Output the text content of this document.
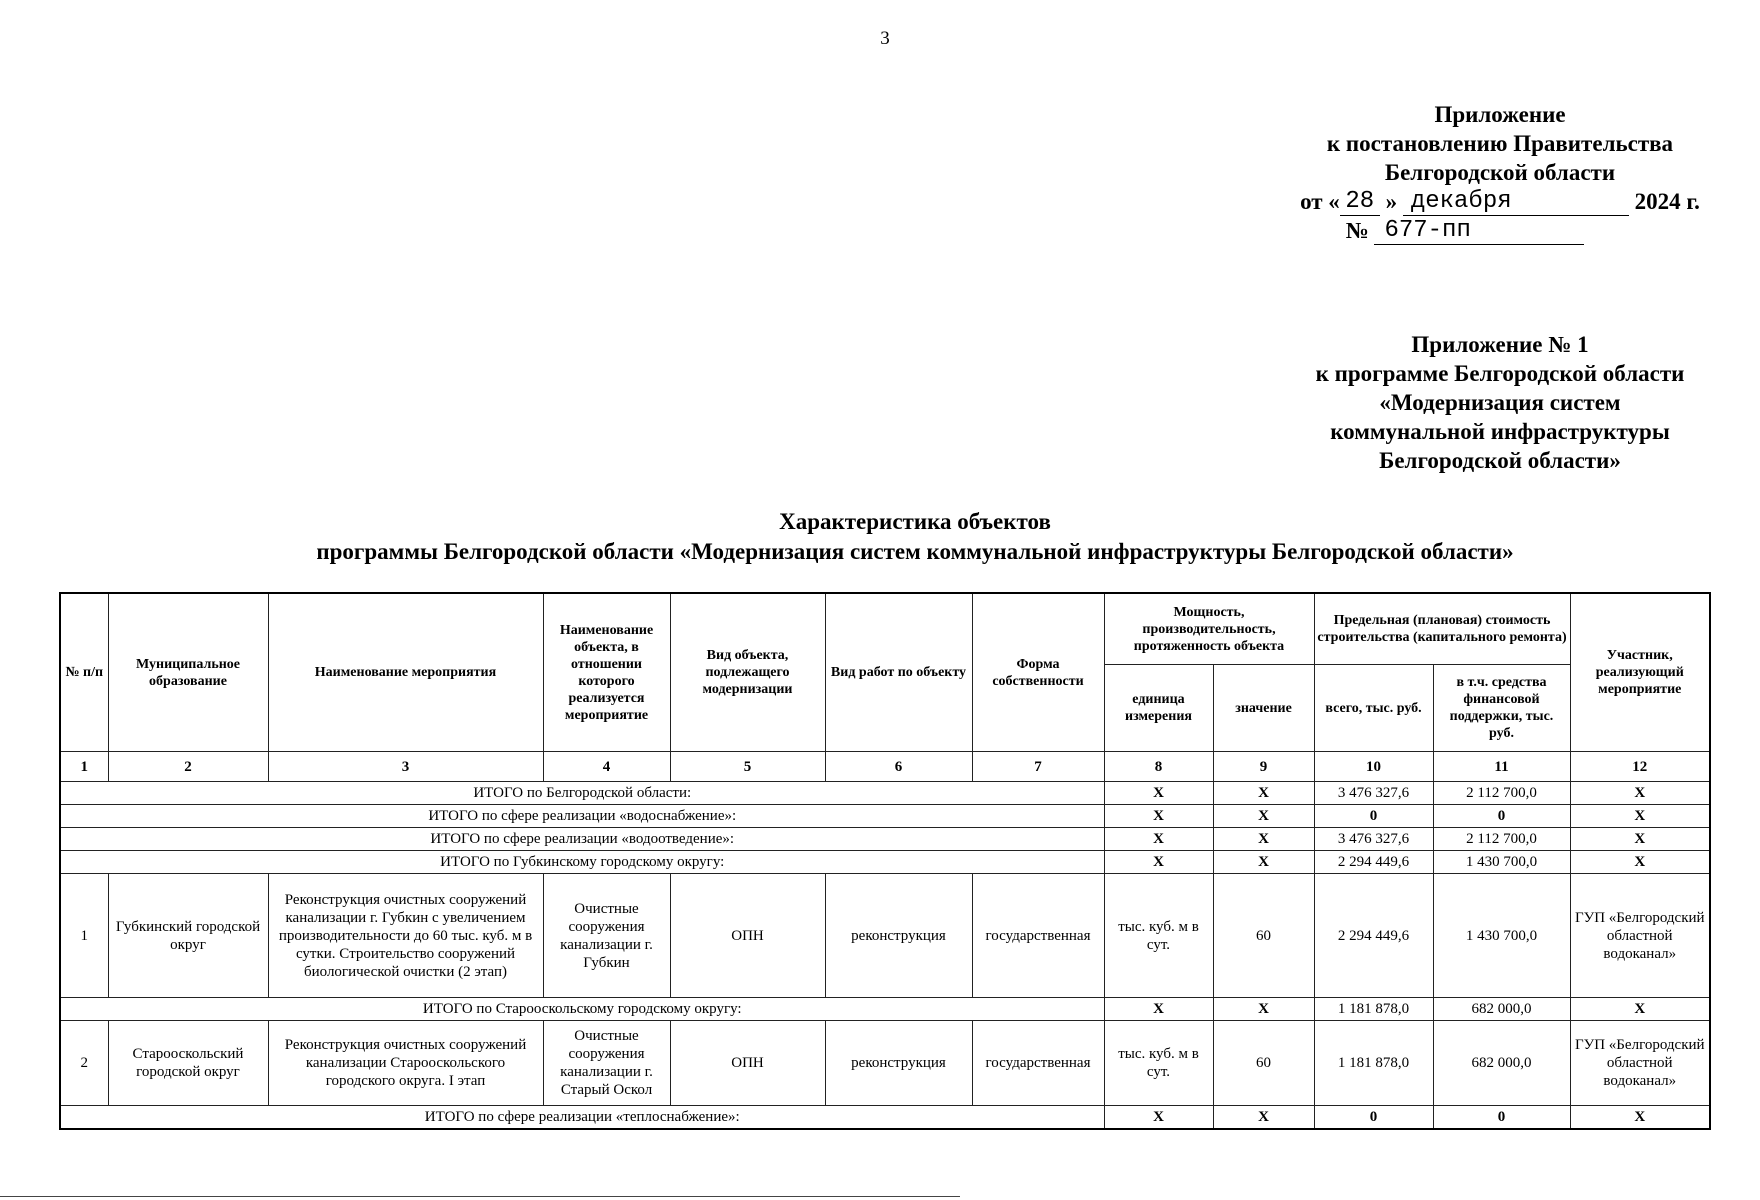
3
Приложение
к постановлению Правительства
Белгородской области
от « 28 » декабря	2024 г.
№ 677-пп
Приложение № 1
к программе Белгородской области
«Модернизация систем
коммунальной инфраструктуры
Белгородской области»
Характеристика объектов
программы Белгородской области «Модернизация систем коммунальной инфраструктуры Белгородской области»
№ п/п	Муниципальное образование	Наименование мероприятия	Наименование объекта, в отношении которого реализуется мероприятие	Вид объекта, подлежащего модернизации	Вид работ по объекту	Форма собственности	Мощность, производительность, протяженность объекта		Предельная (плановая) стоимость строительства (капитального ремонта)		Участник, реализующий мероприятие
							единица измерения	значение	всего, тыс. руб.	в т.ч. средства финансовой поддержки, тыс. руб.	
1	2	3	4	5	6	7	8	9	10	11	12
ИТОГО по Белгородской области:							X	X	3 476 327,6	2 112 700,0	X
ИТОГО по сфере реализации «водоснабжение»:							X	X	0	0	X
ИТОГО по сфере реализации «водоотведение»:							X	X	3 476 327,6	2 112 700,0	X
ИТОГО по Губкинскому городскому округу:							X	X	2 294 449,6	1 430 700,0	X
1	Губкинский городской округ	Реконструкция очистных сооружений канализации г. Губкин с увеличением производительности до 60 тыс. куб. м в сутки. Строительство сооружений биологической очистки (2 этап)	Очистные сооружения канализации г. Губкин	ОПН	реконструкция	государственная	тыс. куб. м в сут.	60	2 294 449,6	1 430 700,0	ГУП «Белгородский областной водоканал»
ИТОГО по Старооскольскому городскому округу:							X	X	1 181 878,0	682 000,0	X
2	Старооскольский городской округ	Реконструкция очистных сооружений канализации Старооскольского городского округа. I этап	Очистные сооружения канализации г. Старый Оскол	ОПН	реконструкция	государственная	тыс. куб. м в сут.	60	1 181 878,0	682 000,0	ГУП «Белгородский областной водоканал»
ИТОГО по сфере реализации «теплоснабжение»:							X	X	0	0	X
